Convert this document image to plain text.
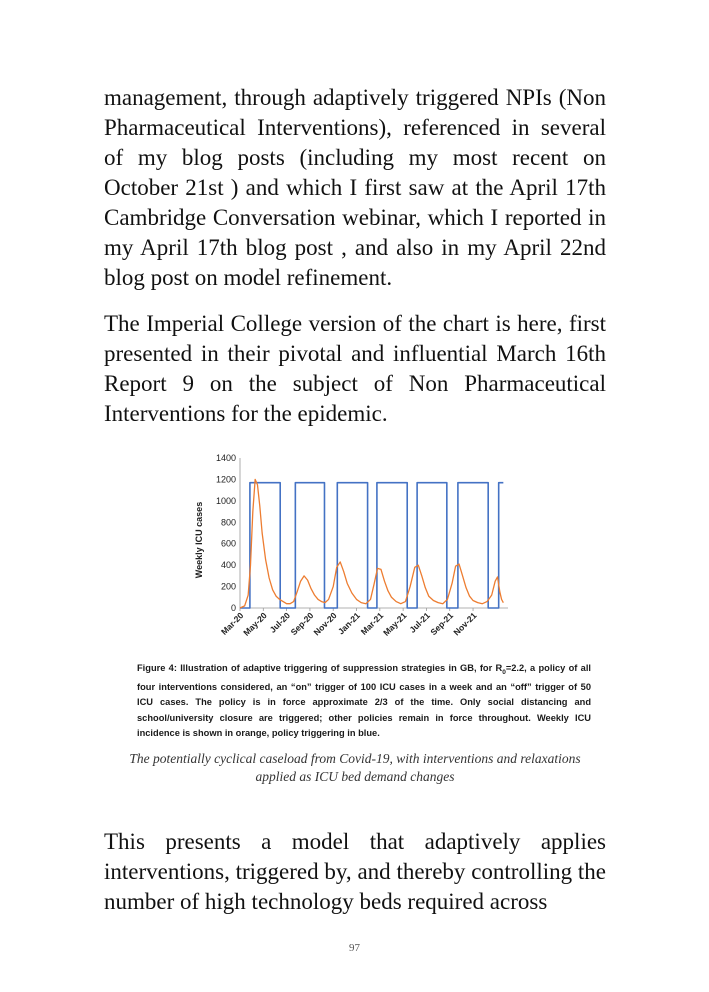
management, through adaptively triggered NPIs (Non Pharmaceutical Interventions), referenced in several of my blog posts (including my most recent on October 21st ) and which I first saw at the April 17th Cambridge Conversation webinar, which I reported in my April 17th blog post , and also in my April 22nd blog post on model refinement.

The Imperial College version of the chart is here, first presented in their pivotal and influential March 16th Report 9 on the subject of Non Pharmaceutical Interventions for the epidemic.

0
200
400
600
800
1000
1200
1400
Mar-20
May-20
Jul-20
Sep-20
Nov-20
Jan-21
Mar-21
May-21
Jul-21
Sep-21
Nov-21
Weekly ICU cases

Figure 4: Illustration of adaptive triggering of suppression strategies in GB, for $R_0=2.2$, a policy of all four interventions considered, an “on” trigger of 100 ICU cases in a week and an “off” trigger of 50 ICU cases. The policy is in force approximate 2/3 of the time. Only social distancing and school/university closure are triggered; other policies remain in force throughout. Weekly ICU incidence is shown in orange, policy triggering in blue.

The potentially cyclical caseload from Covid-19, with interventions and relaxations applied as ICU bed demand changes

This presents a model that adaptively applies interventions, triggered by, and thereby controlling the number of high technology beds required across

97
